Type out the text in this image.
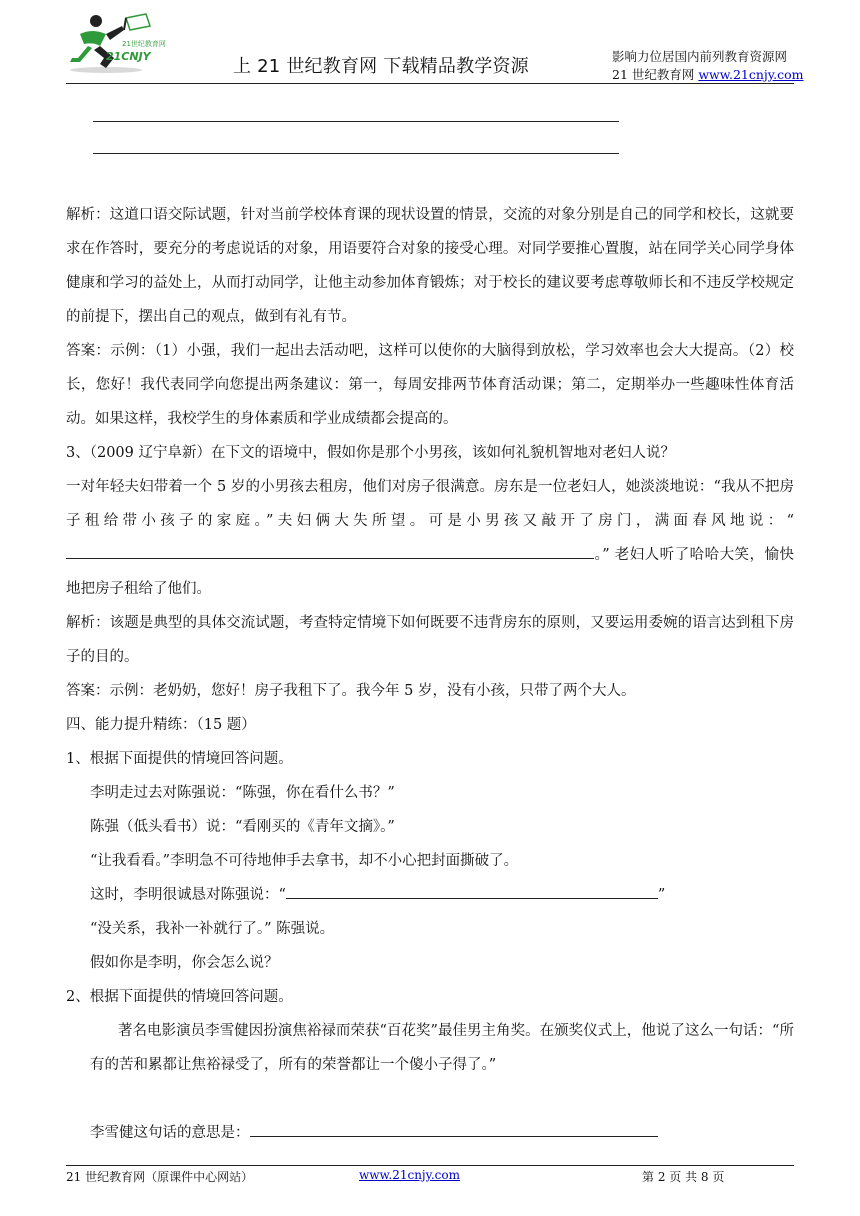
21世纪教育网
21CNJY	上 21 世纪教育网 下载精品教学资源	影响力位居国内前列教育资源网
21 世纪教育网 www.21cnjy.com

解析：这道口语交际试题，针对当前学校体育课的现状设置的情景，交流的对象分别是自己的同学和校长，这就要求在作答时，要充分的考虑说话的对象，用语要符合对象的接受心理。对同学要推心置腹，站在同学关心同学身体健康和学习的益处上，从而打动同学，让他主动参加体育锻炼；对于校长的建议要考虑尊敬师长和不违反学校规定的前提下，摆出自己的观点，做到有礼有节。

答案：示例：（1）小强，我们一起出去活动吧，这样可以使你的大脑得到放松，学习效率也会大大提高。（2）校长，您好！我代表同学向您提出两条建议：第一，每周安排两节体育活动课；第二，定期举办一些趣味性体育活动。如果这样，我校学生的身体素质和学业成绩都会提高的。

3、（2009 辽宁阜新）在下文的语境中，假如你是那个小男孩，该如何礼貌机智地对老妇人说？

一对年轻夫妇带着一个 5 岁的小男孩去租房，他们对房子很满意。房东是一位老妇人，她淡淡地说：“我从不把房子租给带小孩子的家庭。”夫妇俩大失所望。可是小男孩又敲开了房门，满面春风地说：“。” 老妇人听了哈哈大笑，愉快地把房子租给了他们。

解析：该题是典型的具体交流试题，考查特定情境下如何既要不违背房东的原则，又要运用委婉的语言达到租下房子的目的。

答案：示例：老奶奶，您好！房子我租下了。我今年 5 岁，没有小孩，只带了两个大人。

四、能力提升精练：（15 题）

1、根据下面提供的情境回答问题。

李明走过去对陈强说：“陈强，你在看什么书？”

陈强（低头看书）说：“看刚买的《青年文摘》。”

“让我看看。”李明急不可待地伸手去拿书，却不小心把封面撕破了。

这时，李明很诚恳对陈强说：“	”

“没关系，我补一补就行了。” 陈强说。

假如你是李明，你会怎么说？

2、根据下面提供的情境回答问题。

著名电影演员李雪健因扮演焦裕禄而荣获“百花奖”最佳男主角奖。在颁奖仪式上，他说了这么一句话：“所有的苦和累都让焦裕禄受了，所有的荣誉都让一个傻小子得了。”

李雪健这句话的意思是：

21 世纪教育网（原课件中心网站）	www.21cnjy.com	第 2 页 共 8 页
